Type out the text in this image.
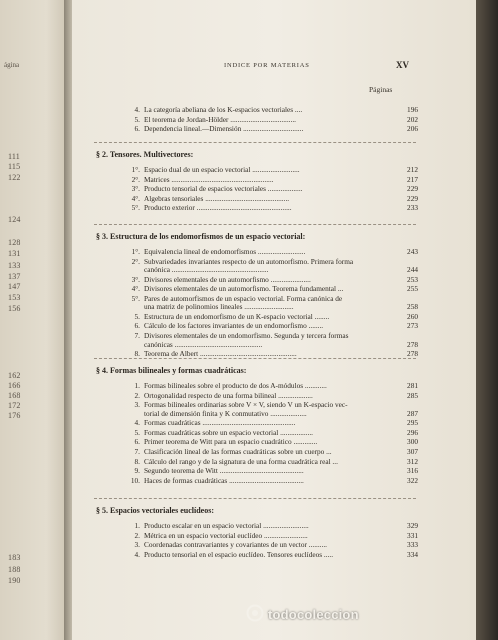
ágina
111
115
122
124
128
131
133
137
147
153
156
162
166
168
172
176
183
188
190
INDICE POR MATERIAS	XV
Páginas
4. La categoría abeliana de los K-espacios vectoriales ....	196
5. El teorema de Jordan-Hölder ....................................	202
6. Dependencia lineal.—Dimensión .................................	206
§ 2. Tensores. Multivectores:
1°. Espacio dual de un espacio vectorial ..........................	212
2°. Matrices ........................................................	217
3°. Producto tensorial de espacios vectoriales ...................	229
4°. Algebras tensoriales ..............................................	229
5°. Producto exterior ....................................................	233
§ 3. Estructura de los endomorfismos de un espacio vectorial:
1°. Equivalencia lineal de endomorfismos ..........................	243
2°. Subvariedades invariantes respecto de un automorfismo. Primera forma
canónica .....................................................	244
3°. Divisores elementales de un automorfismo ......................	253
4°. Divisores elementales de un automorfismo. Teorema fundamental ...	255
5°. Pares de automorfismos de un espacio vectorial. Forma canónica de
una matriz de polinomios lineales ...........................	258
5. Estructura de un endomorfismo de un K-espacio vectorial ........	260
6. Cálculo de los factores invariantes de un endomorfismo ........	273
7. Divisores elementales de un endomorfismo. Segunda y tercera formas
canónicas ................................................	278
8. Teorema de Albert .....................................................	278
§ 4. Formas bilineales y formas cuadráticas:
1. Formas bilineales sobre el producto de dos A-módulos ............	281
2. Ortogonalidad respecto de una forma bilineal ...................	285
3. Formas bilineales ordinarias sobre V × V, siendo V un K-espacio vec-
torial de dimensión finita y K conmutativo ....................	287
4. Formas cuadráticas ...................................................	295
5. Formas cuadráticas sobre un espacio vectorial ..................	296
6. Primer teorema de Witt para un espacio cuadrático .............	300
7. Clasificación lineal de las formas cuadráticas sobre un cuerpo ...	307
8. Cálculo del rango y de la signatura de una forma cuadrática real ...	312
9. Segundo teorema de Witt ..............................................	316
10. Haces de formas cuadráticas .........................................	322
§ 5. Espacios vectoriales euclídeos:
1. Producto escalar en un espacio vectorial .........................	329
2. Métrica en un espacio vectorial euclídeo ........................	331
3. Coordenadas contravariantes y covariantes de un vector ..........	333
4. Producto tensorial en el espacio euclídeo. Tensores euclídeos .....	334
todocoleccion
